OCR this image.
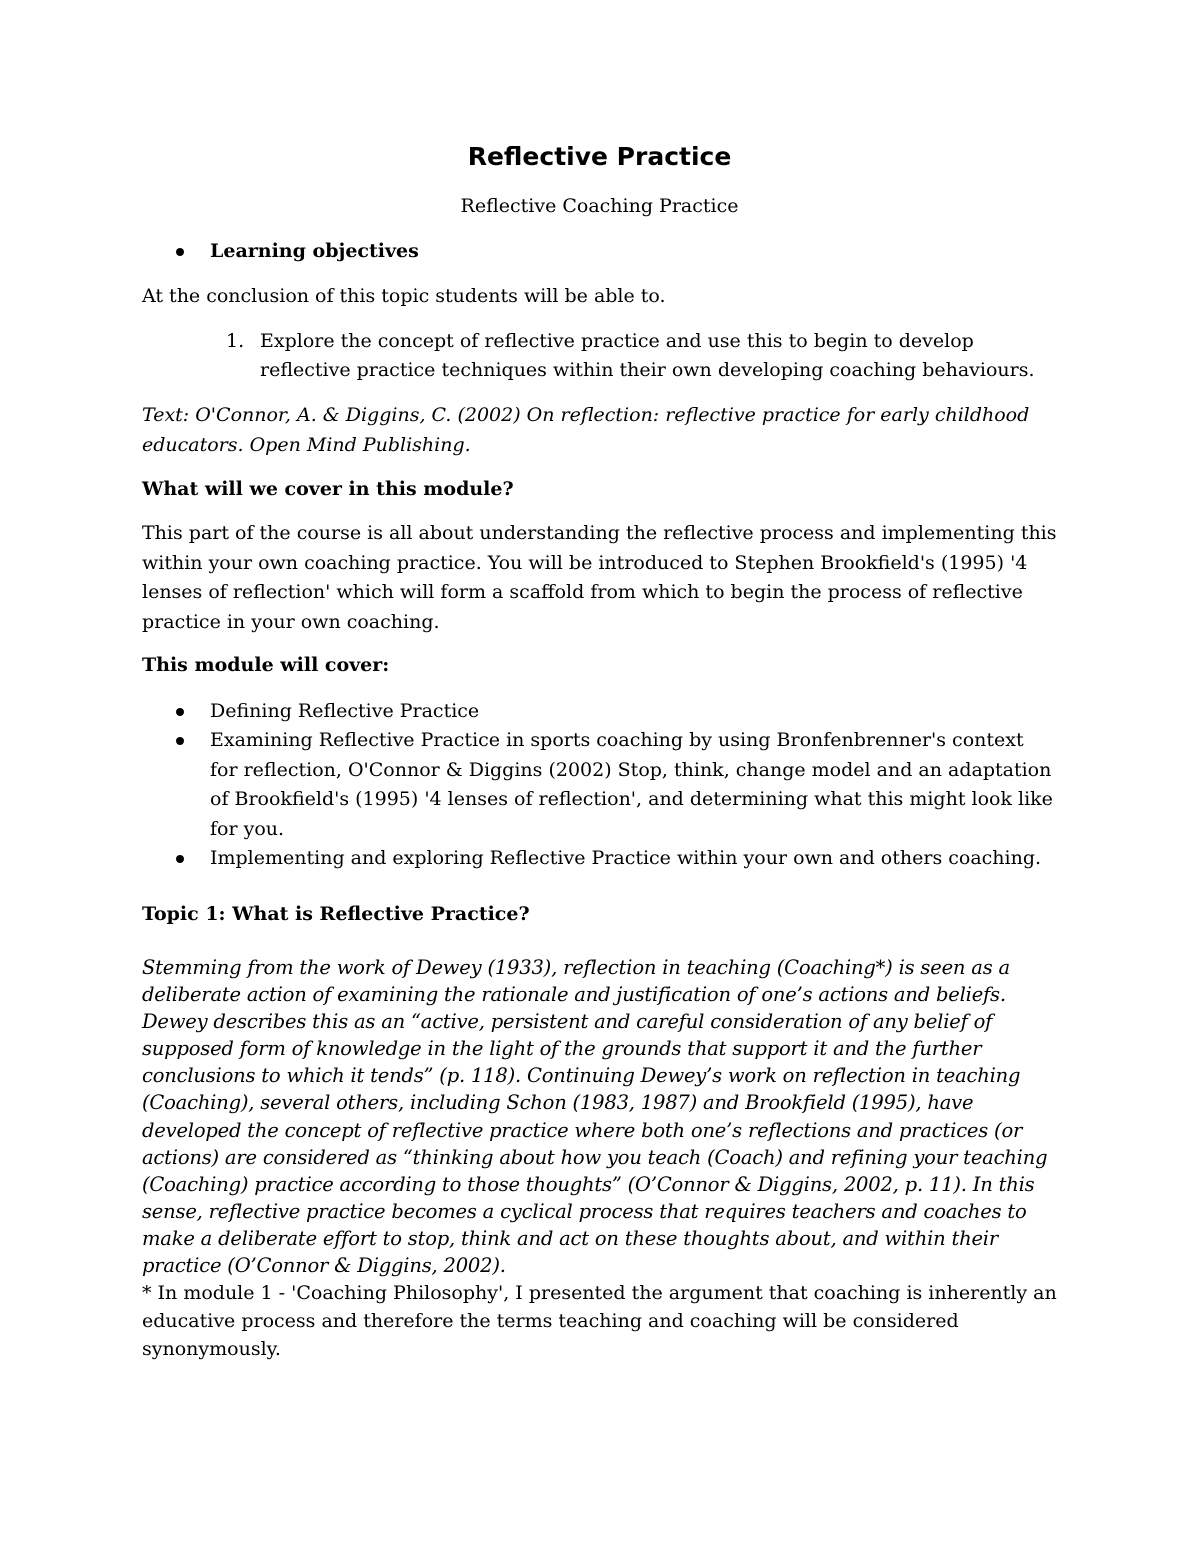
Reflective Practice

Reflective Coaching Practice

Learning objectives

At the conclusion of this topic students will be able to.

1. Explore the concept of reflective practice and use this to begin to develop reflective practice techniques within their own developing coaching behaviours.

Text: O'Connor, A. & Diggins, C. (2002) On reflection: reflective practice for early childhood educators. Open Mind Publishing.

What will we cover in this module?

This part of the course is all about understanding the reflective process and implementing this within your own coaching practice. You will be introduced to Stephen Brookfield's (1995) '4 lenses of reflection' which will form a scaffold from which to begin the process of reflective practice in your own coaching.

This module will cover:

Defining Reflective Practice
Examining Reflective Practice in sports coaching by using Bronfenbrenner's context for reflection, O'Connor & Diggins (2002) Stop, think, change model and an adaptation of Brookfield's (1995) '4 lenses of reflection', and determining what this might look like for you.
Implementing and exploring Reflective Practice within your own and others coaching.

Topic 1: What is Reflective Practice?

Stemming from the work of Dewey (1933), reflection in teaching (Coaching*) is seen as a deliberate action of examining the rationale and justification of one’s actions and beliefs. Dewey describes this as an “active, persistent and careful consideration of any belief of supposed form of knowledge in the light of the grounds that support it and the further conclusions to which it tends” (p. 118). Continuing Dewey’s work on reflection in teaching (Coaching), several others, including Schon (1983, 1987) and Brookfield (1995), have developed the concept of reflective practice where both one’s reflections and practices (or actions) are considered as “thinking about how you teach (Coach) and refining your teaching (Coaching) practice according to those thoughts” (O’Connor & Diggins, 2002, p. 11). In this sense, reflective practice becomes a cyclical process that requires teachers and coaches to make a deliberate effort to stop, think and act on these thoughts about, and within their practice (O’Connor & Diggins, 2002).

* In module 1 - 'Coaching Philosophy', I presented the argument that coaching is inherently an educative process and therefore the terms teaching and coaching will be considered synonymously.
